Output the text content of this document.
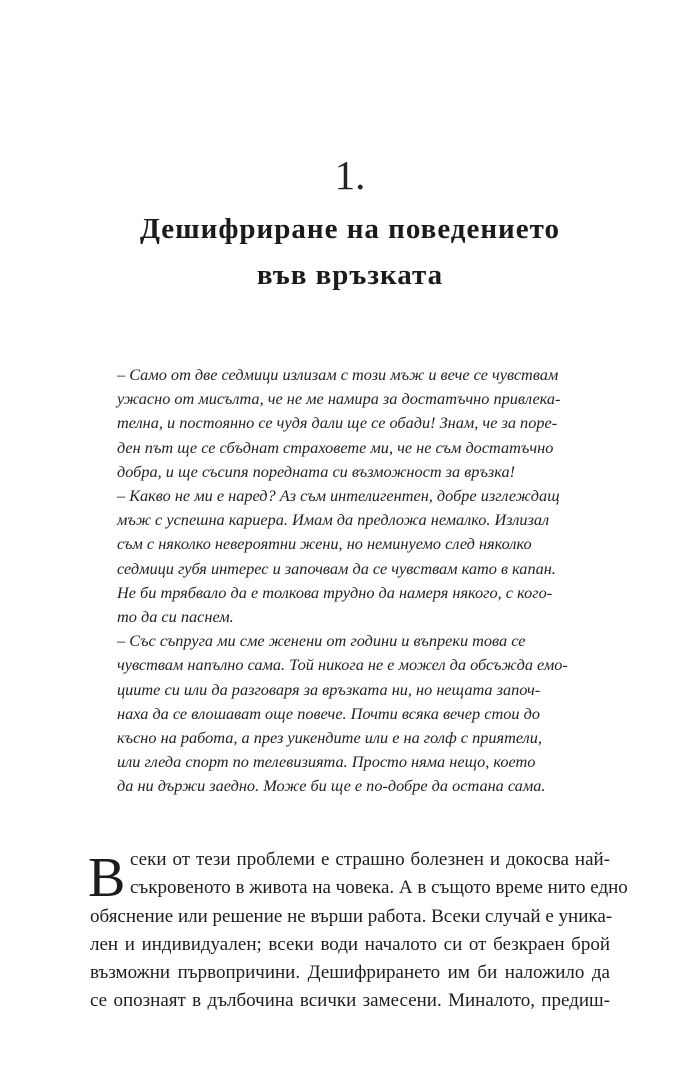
1.
Дешифриране на поведението
във връзката
– Само от две седмици излизам с този мъж и вече се чувствам
ужасно от мисълта, че не ме намира за достатъчно привлека-
телна, и постоянно се чудя дали ще се обади! Знам, че за поре-
ден път ще се сбъднат страховете ми, че не съм достатъчно
добра, и ще съсипя поредната си възможност за връзка!
– Какво не ми е наред? Аз съм интелигентен, добре изглеждащ
мъж с успешна кариера. Имам да предложа немалко. Излизал
съм с няколко невероятни жени, но неминуемо след няколко
седмици губя интерес и започвам да се чувствам като в капан.
Не би трябвало да е толкова трудно да намеря някого, с кого-
то да си паснем.
– Със съпруга ми сме женени от години и въпреки това се
чувствам напълно сама. Той никога не е можел да обсъжда емо-
циите си или да разговаря за връзката ни, но нещата започ-
наха да се влошават още повече. Почти всяка вечер стои до
късно на работа, а през уикендите или е на голф с приятели,
или гледа спорт по телевизията. Просто няма нещо, което
да ни държи заедно. Може би ще е по-добре да остана сама.
В секи от тези проблеми е страшно болезнен и докосва най-
съкровеното в живота на човека. А в същото време нито едно
обяснение или решение не върши работа. Всеки случай е уника-
лен и индивидуален; всеки води началото си от безкраен брой
възможни първопричини. Дешифрирането им би наложило да
се опознаят в дълбочина всички замесени. Миналото, предиш-
